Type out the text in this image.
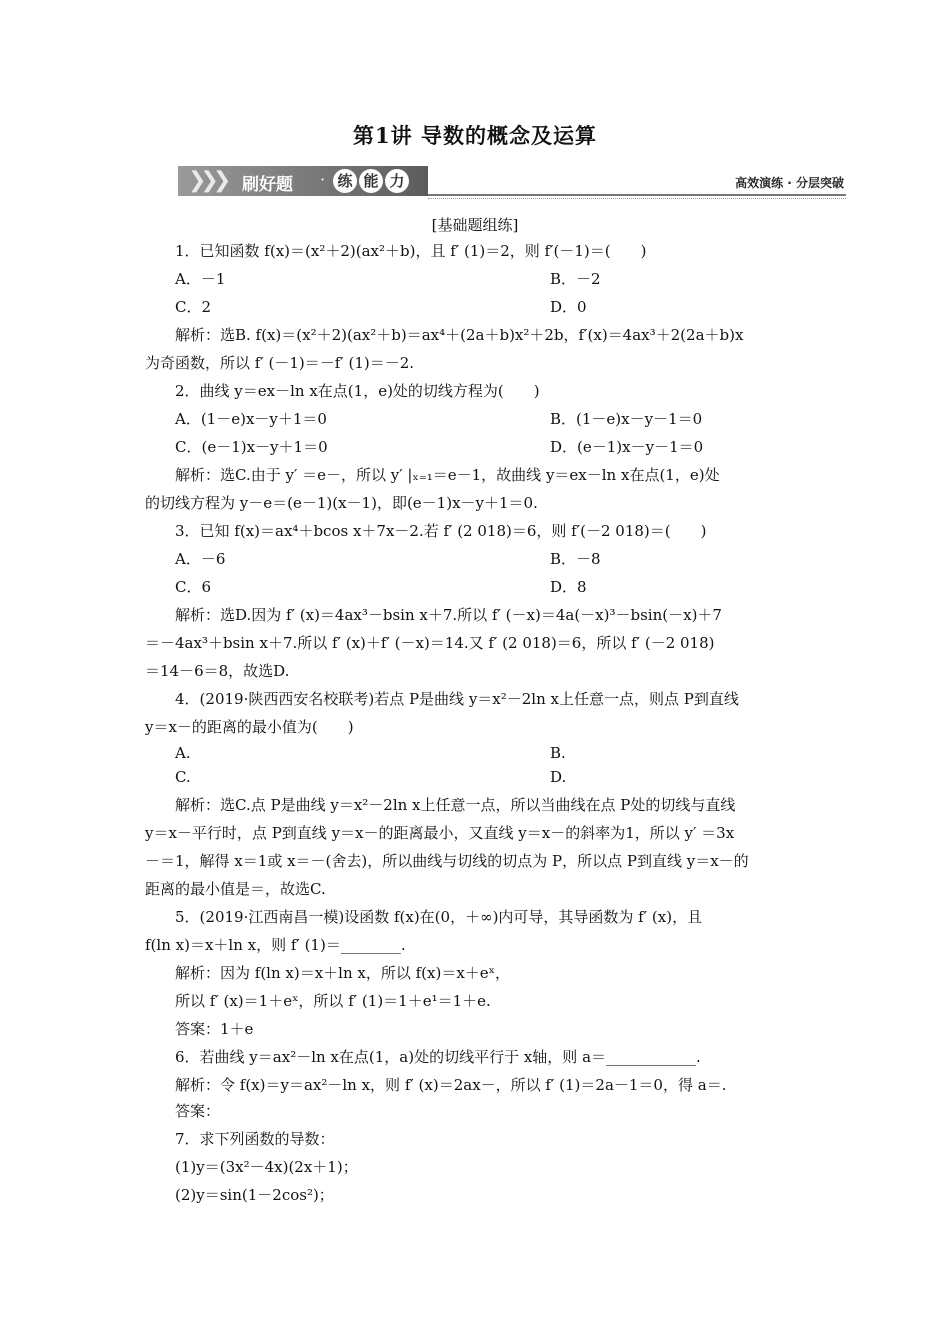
第1讲 导数的概念及运算
❯❯❯ 刷好题 · 练 能 力	高效演练 · 分层突破
[基础题组练]
1．已知函数 f(x)＝(x²＋2)(ax²＋b)，且 f′ (1)＝2，则 f′(－1)＝(　　)
A．－1	B．－2
C．2	D．0
解析：选B. f(x)＝(x²＋2)(ax²＋b)＝ax⁴＋(2a＋b)x²＋2b，f′(x)＝4ax³＋2(2a＋b)x
为奇函数，所以 f′ (－1)＝－f′ (1)＝－2.
2．曲线 y＝ex－ln x在点(1，e)处的切线方程为(　　)
A．(1－e)x－y＋1＝0	B．(1－e)x－y－1＝0
C．(e－1)x－y＋1＝0	D．(e－1)x－y－1＝0
解析：选C.由于 y′ ＝e－，所以 y′ |ₓ₌₁＝e－1，故曲线 y＝ex－ln x在点(1，e)处
的切线方程为 y－e＝(e－1)(x－1)，即(e－1)x－y＋1＝0.
3．已知 f(x)＝ax⁴＋bcos x＋7x－2.若 f′ (2 018)＝6，则 f′(－2 018)＝(　　)
A．－6	B．－8
C．6	D．8
解析：选D.因为 f′ (x)＝4ax³－bsin x＋7.所以 f′ (－x)＝4a(－x)³－bsin(－x)＋7
＝－4ax³＋bsin x＋7.所以 f′ (x)＋f′ (－x)＝14.又 f′ (2 018)＝6，所以 f′ (－2 018)
＝14－6＝8，故选D.
4．(2019·陕西西安名校联考)若点 P是曲线 y＝x²－2ln x上任意一点，则点 P到直线
y＝x－的距离的最小值为(　　)
A.	B.
C.	D.
解析：选C.点 P是曲线 y＝x²－2ln x上任意一点，所以当曲线在点 P处的切线与直线
y＝x－平行时，点 P到直线 y＝x－的距离最小，又直线 y＝x－的斜率为1，所以 y′ ＝3x
－＝1，解得 x＝1或 x＝－(舍去)，所以曲线与切线的切点为 P，所以点 P到直线 y＝x－的
距离的最小值是＝，故选C.
5．(2019·江西南昌一模)设函数 f(x)在(0，＋∞)内可导，其导函数为 f′ (x)，且
f(ln x)＝x＋ln x，则 f′ (1)＝________.
解析：因为 f(ln x)＝x＋ln x，所以 f(x)＝x＋eˣ，
所以 f′ (x)＝1＋eˣ，所以 f′ (1)＝1＋e¹＝1＋e.
答案：1＋e
6．若曲线 y＝ax²－ln x在点(1，a)处的切线平行于 x轴，则 a＝____________.
解析：令 f(x)＝y＝ax²－ln x，则 f′ (x)＝2ax－，所以 f′ (1)＝2a－1＝0，得 a＝.
答案：
7．求下列函数的导数：
(1)y＝(3x²－4x)(2x＋1)；
(2)y＝sin(1－2cos²)；
